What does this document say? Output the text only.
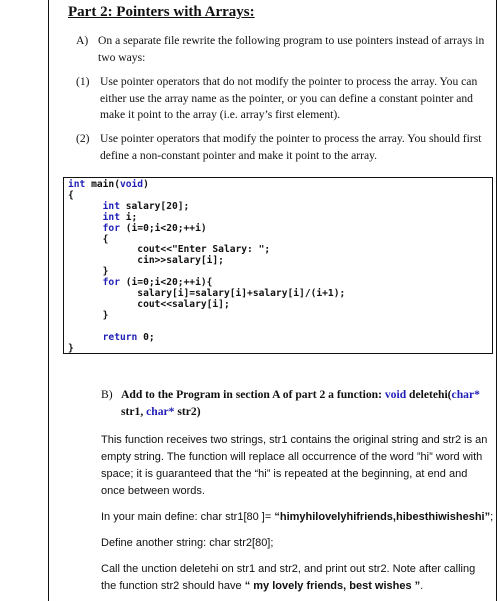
Part 2: Pointers with Arrays:
A) On a separate file rewrite the following program to use pointers instead of arrays in two ways:
(1) Use pointer operators that do not modify the pointer to process the array. You can either use the array name as the pointer, or you can define a constant pointer and make it point to the array (i.e. array’s first element).
(2) Use pointer operators that modify the pointer to process the array. You should first define a non-constant pointer and make it point to the array.
int main(void)
{
int salary[20];
int i;
for (i=0;i<20;++i)
{
cout<<"Enter Salary: ";
cin>>salary[i];
}
for (i=0;i<20;++i){
salary[i]=salary[i]+salary[i]/(i+1);
cout<<salary[i];
}
return 0;
}
B) Add to the Program in section A of part 2 a function: void deletehi(char* str1, char* str2)
This function receives two strings, str1 contains the original string and str2 is an empty string. The function will replace all occurrence of the word ”hi” word with space; it is guaranteed that the “hi” is repeated at the beginning, at end and once between words.
In your main define: char str1[80 ]= “himyhilovelyhifriends,hibesthiwisheshi”;
Define another string: char str2[80];
Call the unction deletehi on str1 and str2, and print out str2. Note after calling the function str2 should have “ my lovely friends, best wishes ”.
